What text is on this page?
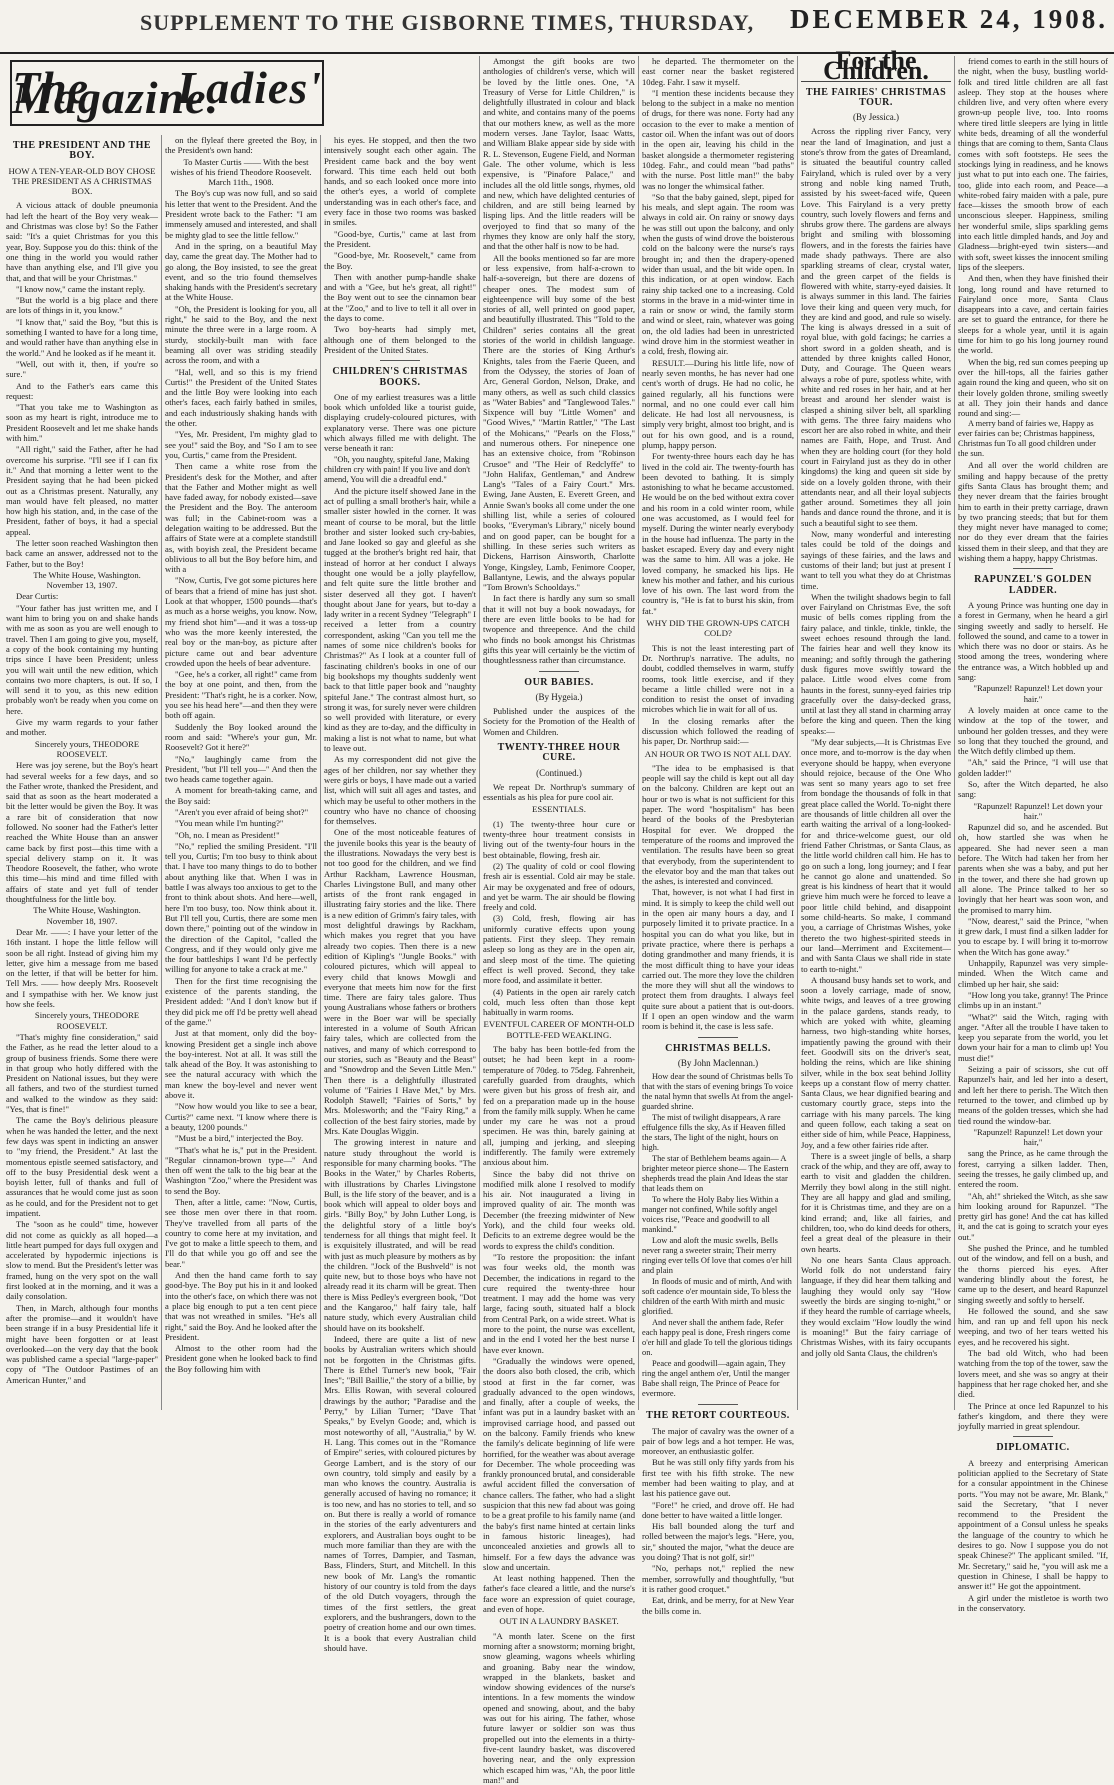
SUPPLEMENT TO THE GISBORNE TIMES, THURSDAY, DECEMBER 24, 1908.
The Ladies' Magazine.
THE PRESIDENT AND THE BOY.
HOW A TEN-YEAR-OLD BOY CHOSE THE PRESIDENT AS A CHRISTMAS BOX.

A vicious attack of double pneumonia had left the heart of the Boy very weak—and Christmas was close by! So the Father said: "It's a quiet Christmas for you this year, Boy. Suppose you do this: think of the one thing in the world you would rather have than anything else, and I'll give you that, and that will be your Christmas."

"I know now," came the instant reply.

"But the world is a big place and there are lots of things in it, you know."

"I know that," said the Boy, "but this is something I wanted to have for a long time, and would rather have than anything else in the world." And he looked as if he meant it.

"Well, out with it, then, if you're so sure."

And to the Father's ears came this request:

"That you take me to Washington as soon as my heart is right, introduce me to President Roosevelt and let me shake hands with him."

"All right," said the Father, after he had overcome his surprise. "I'll see if I can fix it." And that morning a letter went to the President saying that he had been picked out as a Christmas present. Naturally, any man would have felt pleased, no matter how high his station, and, in the case of the President, father of boys, it had a special appeal.

The letter soon reached Washington then back came an answer, addressed not to the Father, but to the Boy!

The White House, Washington. November 13, 1907.

Dear Curtis:

"Your father has just written me, and I want him to bring you on and shake hands with me as soon as you are well enough to travel. Then I am going to give you, myself, a copy of the book containing my hunting trips since I have been President; unless you will wait until the new edition, which contains two more chapters, is out. If so, I will send it to you, as this new edition probably won't be ready when you come on here.

Give my warm regards to your father and mother.

Sincerely yours, THEODORE ROOSEVELT.

Here was joy serene, but the Boy's heart had several weeks for a few days, and so the Father wrote, thanked the President, and said that as soon as the heart moderated a bit the letter would be given the Boy. It was a rare bit of consideration that now followed. No sooner had the Father's letter reached the White House than an answer came back by first post—this time with a special delivery stamp on it. It was Theodore Roosevelt, the father, who wrote this time—his mind and time filled with affairs of state and yet full of tender thoughtfulness for the little boy.

The White House, Washington. November 18, 1907.

Dear Mr. ——: I have your letter of the 16th instant. I hope the little fellow will soon be all right. Instead of giving him my letter, give him a message from me based on the letter, if that will be better for him. Tell Mrs. —— how deeply Mrs. Roosevelt and I sympathise with her. We know just how she feels.

Sincerely yours, THEODORE ROOSEVELT.

"That's mighty fine consideration," said the Father, as he read the letter aloud to a group of business friends. Some there were in that group who hotly differed with the President on National issues, but they were all fathers, and two of the sturdiest turned and walked to the window as they said: "Yes, that is fine!"

The came the Boy's delirious pleasure when he was handed the letter, and the next few days was spent in indicting an answer to "my friend, the President." At last the momentous epistle seemed satisfactory, and off to the busy Presidential desk went a boyish letter, full of thanks and full of assurances that he would come just as soon as he could, and for the President not to get impatient.

The "soon as he could" time, however did not come as quickly as all hoped—a little heart pumped for days full oxygen and accelerated by hypodermic injections is slow to mend. But the President's letter was framed, hung on the very spot on the wall first looked at in the morning, and it was a daily consolation.

Then, in March, although four months after the promise—and it wouldn't have been strange if in a busy Presidential life it might have been forgotten or at least overlooked—on the very day that the book was published came a special "large-paper" copy of "The Outdoor Pastimes of an American Hunter," and

on the flyleaf there greeted the Boy, in the President's own hand:

To Master Curtis —— With the best wishes of his friend Theodore Roosevelt. March 11th., 1908.

The Boy's cup was now full, and so said his letter that went to the President. And the President wrote back to the Father: "I am immensely amused and interested, and shall be mighty glad to see the little fellow."

And in the spring, on a beautiful May day, came the great day. The Mother had to go along, the Boy insisted, to see the great event, and so the trio found themselves shaking hands with the President's secretary at the White House.

"Oh, the President is looking for you, all right," he said to the Boy, and the next minute the three were in a large room. A sturdy, stockily-built man with face beaming all over was striding steadily across the room, and with a

"Hal, well, and so this is my friend Curtis!" the President of the United States and the little Boy were looking into each other's faces, each fairly bathed in smiles, and each industriously shaking hands with the other.

"Yes, Mr. President, I'm mighty glad to see you!" said the Boy, and "So I am to see you, Curtis," came from the President.

Then came a white rose from the President's desk for the Mother, and after that the Father and Mother might as well have faded away, for nobody existed—save the President and the Boy. The anteroom was full; in the Cabinet-room was a delegation waiting to be addressed. But the affairs of State were at a complete standstill as, with boyish zeal, the President became oblivious to all but the Boy before him, and with a

"Now, Curtis, I've got some pictures here of bears that a friend of mine has just shot. Look at that whopper, 1500 pounds—that's as much as a horse weighs, you know. Now, my friend shot him"—and it was a toss-up who was the more keenly interested, the real boy or the man-boy, as picture after picture came out and bear adventure crowded upon the heels of bear adventure.

"Gee, he's a corker, all right!" came from the boy at one point, and then, from the President: "That's right, he is a corker. Now, you see his head here"—and then they were both off again.

Suddenly the Boy looked around the room and said: "Where's your gun, Mr. Roosevelt? Got it here?"

"No," laughingly came from the President, "but I'll tell you—" And then the two heads came together again.

A moment for breath-taking came, and the Boy said:

"Aren't you ever afraid of being shot?"

"You mean while I'm hunting?"

"Oh, no. I mean as President!"

"No," replied the smiling President. "I'll tell you, Curtis; I'm too busy to think about that. I have too many things to do to bother about anything like that. When I was in battle I was always too anxious to get to the front to think about shots. And here—well, here I'm too busy, too. Now think about it. But I'll tell you, Curtis, there are some men down there," pointing out of the window in the direction of the Capitol, "called the Congress, and if they would only give me the four battleships I want I'd be perfectly willing for anyone to take a crack at me."

Then for the first time recognising the existence of the parents standing, the President added: "And I don't know but if they did pick me off I'd be pretty well ahead of the game."

Just at that moment, only did the boy-knowing President get a single inch above the boy-interest. Not at all. It was still the talk ahead of the Boy. It was astonishing to see the natural accuracy with which the man knew the boy-level and never went above it.

"Now how would you like to see a bear, Curtis?" came next. "I know where there is a beauty, 1200 pounds."

"Must be a bird," interjected the Boy.

"That's what he is," put in the President. "Regular cinnamon-brown type—" And then off went the talk to the big bear at the Washington "Zoo," where the President was to send the Boy.

Then, after a little, came: "Now, Curtis, see those men over there in that room. They've travelled from all parts of the country to come here at my invitation, and I've got to make a little speech to them, and I'll do that while you go off and see the bear."

And then the hand came forth to say good-bye. The Boy put his in it and looked into the other's face, on which there was not a place big enough to put a ten cent piece that was not wreathed in smiles. "He's all right," said the Boy. And he looked after the President.

Almost to the other room had the President gone when he looked back to find the Boy following him with

his eyes. He stopped, and then the two intensively sought each other again. The President came back and the boy went forward. This time each held out both hands, and so each looked once more into the other's eyes, a world of complete understanding was in each other's face, and every face in those two rooms was basked in smiles.

"Good-bye, Curtis," came at last from the President.

"Good-bye, Mr. Roosevelt," came from the Boy.

Then with another pump-handle shake and with a "Gee, but he's great, all right!" the Boy went out to see the cinnamon bear at the "Zoo," and to live to tell it all over in the days to come.

Two boy-hearts had simply met, although one of them belonged to the President of the United States.

CHILDREN'S CHRISTMAS BOOKS.

One of my earliest treasures was a little book which unfolded like a tourist guide, displaying crudely-coloured pictures, with explanatory verse. There was one picture which always filled me with delight. The verse beneath it ran:

"Oh, you naughty, spiteful Jane, Making children cry with pain! If you live and don't amend, You will die a dreadful end."

And the picture itself showed Jane in the act of pulling a small brother's hair, while a smaller sister howled in the corner. It was meant of course to be moral, but the little brother and sister looked such cry-babies, and Jane looked so gay and gleeful as she tugged at the brother's bright red hair, that instead of horror at her conduct I always thought one would be a jolly playfellow, and felt quite sure the little brother and sister deserved all they got. I haven't thought about Jane for years, but to-day a lady writer in a recent Sydney "Telegraph" I received a letter from a country correspondent, asking "Can you tell me the names of some nice children's books for Christmas?" As I look at a counter full of fascinating children's books in one of our big bookshops my thoughts suddenly went back to that little paper book and "naughty spiteful Jane." The contrast almost hurt, so strong it was, for surely never were children so well provided with literature, or every kind as they are to-day, and the difficulty in making a list is not what to name, but what to leave out.

As my correspondent did not give the ages of her children, nor say whether they were girls or boys, I have made out a varied list, which will suit all ages and tastes, and which may be useful to other mothers in the country who have no chance of choosing for themselves.

One of the most noticeable features of the juvenile books this year is the beauty of the illustrations. Nowadays the very best is not too good for the children, and we find Arthur Rackham, Lawrence Housman, Charles Livingstone Bull, and many other artists of the front rank engaged in illustrating fairy stories and the like. There is a new edition of Grimm's fairy tales, with most delightful drawings by Rackham, which makes you regret that you have already two copies. Then there is a new edition of Kipling's "Jungle Books." with coloured pictures, which will appeal to every child that knows Mowgli and everyone that meets him now for the first time. There are fairy tales galore. Thus young Australians whose fathers or brothers were in the Boer war will be specially interested in a volume of South African fairy tales, which are collected from the natives, and many of which correspond to our stories, such as "Beauty and the Beast" and "Snowdrop and the Seven Little Men." Then there is a delightfully illustrated volume of "Fairies I Have Met," by Mrs. Rodolph Stawell; "Fairies of Sorts," by Mrs. Molesworth; and the "Fairy Ring," a collection of the best fairy stories, made by Mrs. Kate Douglas Wiggin.

The growing interest in nature and nature study throughout the world is responsible for many charming books. "The Books in the Water," by Charles Roberts, with illustrations by Charles Livingstone Bull, is the life story of the beaver, and is a book which will appeal to older boys and girls. "Billy Boy," by John Luther Long, is the delightful story of a little boy's tenderness for all things that might feel. It is exquisitely illustrated, and will be read with just as much pleasure by mothers as by the children. "Jock of the Bushveld" is not quite new, but to those boys who have not already read it its charm will be great. Then there is Miss Pedley's evergreen book, "Dot and the Kangaroo," half fairy tale, half nature study, which every Australian child should have on its bookshelf.

Indeed, there are quite a list of new books by Australian writers which should not be forgotten in the Christmas gifts. There is Ethel Turner's new book, "Fair Ines"; "Bill Baillie," the story of a billie, by Mrs. Ellis Rowan, with several coloured drawings by the author; "Paradise and the Perry," by Lilian Turner; "Dave That Speaks," by Evelyn Goode; and, which is most noteworthy of all, "Australia," by W. H. Lang. This comes out in the "Romance of Empire" series, with coloured pictures by George Lambert, and is the story of our own country, told simply and easily by a man who knows the country. Australia is generally accused of having no romance; it is too new, and has no stories to tell, and so on. But there is really a world of romance in the stories of the early adventurers and explorers, and Australian boys ought to be much more familiar than they are with the names of Torres, Dampier, and Tasman, Bass, Flinders, Sturt, and Mitchell. In this new book of Mr. Lang's the romantic history of our country is told from the days of the old Dutch voyagers, through the times of the first settlers, the great explorers, and the bushrangers, down to the poetry of creation home and our own times. It is a book that every Australian child should have.

Amongst the gift books are two anthologies of children's verse, which will be loved by the little ones. One, "A Treasury of Verse for Little Children," is delightfully illustrated in colour and black and white, and contains many of the poems that our mothers knew, as well as the more modern verses. Jane Taylor, Isaac Watts, and William Blake appear side by side with R. L. Stevenson, Eugene Field, and Norman Gale. The other volume, which is less expensive, is "Pinafore Palace," and includes all the old little songs, rhymes, old and new, which have delighted centuries of children, and are still being learned by lisping lips. And the little readers will be overjoyed to find that so many of the rhymes they know are only half the story, and that the other half is now to be had.

All the books mentioned so far are more or less expensive, from half-a-crown to half-a-sovereign, but there are dozens of cheaper ones. The modest sum of eighteenpence will buy some of the best stories of all, well printed on good paper, and beautifully illustrated. This "Told to the Children" series contains all the great stories of the world in childish language. There are the stories of King Arthur's Knights, tales from the Faerie Queen, and from the Odyssey, the stories of Joan of Arc, General Gordon, Nelson, Drake, and many others, as well as such child classics as "Water Babies" and "Tanglewood Tales." Sixpence will buy "Little Women" and "Good Wives," "Martin Rattler," "The Last of the Mohicans," "Pearls on the Floss," and numerous others. For ninepence one has an extensive choice, from "Robinson Crusoe" and "The Heir of Redclyffe" to "John Halifax, Gentleman," and Andrew Lang's "Tales of a Fairy Court." Mrs. Ewing, Jane Austen, E. Everett Green, and Annie Swan's books all come under the one shilling list, while a series of coloured books, "Everyman's Library," nicely bound and on good paper, can be bought for a shilling. In these series such writers as Dickens, Harrison Ainsworth, Charlotte Yonge, Kingsley, Lamb, Fenimore Cooper, Ballantyne, Lewis, and the always popular "Tom Brown's Schooldays."

In fact there is hardly any sum so small that it will not buy a book nowadays, for there are even little books to be had for twopence and threepence. And the child who finds no book amongst his Christmas gifts this year will certainly be the victim of thoughtlessness rather than circumstance.

OUR BABIES.
(By Hygeia.)

Published under the auspices of the Society for the Promotion of the Health of Women and Children.

TWENTY-THREE HOUR CURE.
(Continued.)

We repeat Dr. Northrup's summary of essentials as his plea for pure cool air.

ESSENTIALS.

(1) The twenty-three hour cure or twenty-three hour treatment consists in living out of the twenty-four hours in the best obtainable, flowing, fresh air.

(2) The quality of cold or cool flowing fresh air is essential. Cold air may be stale. Air may be oxygenated and free of odours, and yet be warm. The air should be flowing freely and cold.

(3) Cold, fresh, flowing air has uniformly curative effects upon young patients. First they sleep. They remain asleep so long as they are in the open air, and sleep most of the time. The quieting effect is well proved. Second, they take more food, and assimilate it better.

(4) Patients in the open air rarely catch cold, much less often than those kept habitually in warm rooms.

EVENTFUL CAREER OF MONTH-OLD BOTTLE-FED WEAKLING.

The baby has been bottle-fed from the outset; he had been kept in a room-temperature of 70deg. to 75deg. Fahrenheit, carefully guarded from draughts, which were given but his gross of fresh air, and fed on a preparation made up in the house from the family milk supply. When he came under my care he was not a proud specimen. He was thin, barely gaining at all, jumping and jerking, and sleeping indifferently. The family were extremely anxious about him.

Since the baby did not thrive on modified milk alone I resolved to modify his air. Not inaugurated a living in improved quality of air. The month was December (the freezing midwinter of New York), and the child four weeks old. Deficits to an extreme degree would be the words to express the child's condition.

"To restore the proposition: the infant was four weeks old, the month was December, the indications in regard to the cure required the twenty-three hour treatment. I may add the home was very large, facing south, situated half a block from Central Park, on a wide street. What is more to the point, the nurse was excellent, and in the end I voted her the best nurse I have ever known.

"Gradually the windows were opened, the doors also both closed, the crib, which stood at first in the far corner, was gradually advanced to the open windows, and finally, after a couple of weeks, the infant was put in a laundry basket with an improvised carriage hood, and passed out on the balcony. Family friends who knew the family's delicate beginning of life were horrified, for the weather was about average for December. The whole proceeding was frankly pronounced brutal, and considerable awful accident filled the conversation of chance callers. The father, who had a slight suspicion that this new fad about was going to be a great profile to his family name (and the baby's first name hinted at certain links in famous historic lineages), had unconcealed anxieties and growls all to himself. For a few days the advance was slow and uncertain.

At least nothing happened. Then the father's face cleared a little, and the nurse's face wore an expression of quiet courage, and even of hope.

OUT IN A LAUNDRY BASKET.

"A month later. Scene on the first morning after a snowstorm; morning bright, snow gleaming, wagons wheels whirling and groaning. Baby near the window, wrapped in the blankets, basket and window showing evidences of the nurse's intentions. In a few moments the window opened and snowing, about, and the baby was out for his airing. The father, whose future lawyer or soldier son was thus propelled out into the elements in a thirty-five-cent laundry basket, was discovered hovering near, and the only expression which escaped him was, "Ah, the poor little man!" and

he departed. The thermometer on the east corner near the basket registered 10deg. Fahr. I saw it myself.

"I mention these incidents because they belong to the subject in a make no mention of drugs, for there was none. Forty had any occasion to the ever to make a mention of castor oil. When the infant was out of doors in the open air, leaving his child in the basket alongside a thermometer registering 10deg. Fahr., and could mean "bad paths" with the nurse. Post little man!" the baby was no longer the whimsical father.

"So that the baby gained, slept, piped for his meals, and slept again. The room was always in cold air. On rainy or snowy days he was still out upon the balcony, and only when the gusts of wind drove the boisterous cold on the balcony were the nurse's rays brought in; and then the drapery-opened wider than usual, and the bit wide open. In this indication, or at open window. Each rainy ship tacked one to a increasing. Cold storms in the brave in a mid-winter time in a rain or snow or wind, the family storm and wind or sleet, rain, whatever was going on, the old ladies had been in unrestricted wind drove him in the stormiest weather in a cold, fresh, flowing air.

RESULT.—During his little life, now of nearly seven months, he has never had one cent's worth of drugs. He had no colic, he gained regularly, all his functions were normal, and no one could ever call him delicate. He had lost all nervousness, is simply very bright, almost too bright, and is out for his own good, and is a round, plump, happy person.

For twenty-three hours each day he has lived in the cold air. The twenty-fourth has been devoted to bathing. It is simply astonishing to what he became accustomed. He would be on the bed without extra cover and his room in a cold winter room, while one was accustomed, as I would feel for myself. During the winter nearly everybody in the house had influenza. The party in the basket escaped. Every day and every night was the same to him. All was a joke. He loved company, he smacked his lips. He knew his mother and father, and his curious love of his own. The last word from the country is, "He is fat to burst his skin, from fat."

WHY DID THE GROWN-UPS CATCH COLD?

This is not the least interesting part of Dr. Northrup's narrative. The adults, no doubt, coddled themselves in warm, stuffy rooms, took little exercise, and if they became a little chilled were not in a condition to resist the onset of invading microbes which lie in wait for all of us.

In the closing remarks after the discussion which followed the reading of his paper, Dr. Northrup said:—

AN HOUR OR TWO IS NOT ALL DAY.

"The idea to be emphasised is that people will say the child is kept out all day on the balcony. Children are kept out an hour or two is what is not sufficient for this paper. The word "hospitalism" has been heard of the books of the Presbyterian Hospital for ever. We dropped the temperature of the rooms and improved the ventilation. The results have been so great that everybody, from the superintendent to the elevator boy and the man that takes out the ashes, is interested and convinced.

That, however, is not what I had first in mind. It is simply to keep the child well out in the open air many hours a day, and I purposely limited it to private practice. In a hospital you can do what you like, but in private practice, where there is perhaps a doting grandmother and many friends, it is the most difficult thing to have your ideas carried out. The more they love the children the more they will shut all the windows to protect them from draughts. I always feel quite sure about a patient that is out-doors. If I open an open window and the warm room is behind it, the case is less safe.

CHRISTMAS BELLS.
(By John Maclennan.)

How dear the sound of Christmas bells To that with the stars of evening brings To voice the natal hymn that swells At from the angel-guarded shrine.

The mist of twilight disappears, A rare effulgence fills the sky, As if Heaven filled the stars, The light of the night, hours on high.

The star of Bethlehem beams again— A brighter meteor pierce shone— The Eastern shepherds tread the plain And Ideas the star that leads them on

To where the Holy Baby lies Within a manger not confined, While softly angel voices rise, "Peace and goodwill to all mankind."

Low and aloft the music swells, Bells never rang a sweeter strain; Their merry ringing ever tells Of love that comes o'er hill and plain

In floods of music and of mirth, And with soft cadence o'er mountain side, To bless the children of the earth With mirth and music glorified.

And never shall the anthem fade, Refer each happy peal is done, Fresh ringers come o'er hill and glade To tell the glorious tidings on.

Peace and goodwill—again again, They ring the angel anthem o'er, Until the manger Babe shall reign, The Prince of Peace for evermore.

THE RETORT COURTEOUS.

The major of cavalry was the owner of a pair of bow legs and a hot temper. He was, moreover, an enthusiastic golfer.

But he was still only fifty yards from his first tee with his fifth stroke. The new member had been waiting to play, and at last his patience gave out.

"Fore!" he cried, and drove off. He had done better to have waited a little longer.

His ball bounded along the turf and rolled between the major's legs. "Here, you, sir," shouted the major, "what the deuce are you doing? That is not golf, sir!"

"No, perhaps not," replied the new member, sorrowfully and thoughtfully, "but it is rather good croquet."

Eat, drink, and be merry, for at New Year the bills come in.

For the Children.
THE FAIRIES' CHRISTMAS TOUR.
(By Jessica.)

Across the rippling river Fancy, very near the land of Imagination, and just a stone's throw from the gates of Dreamland, is situated the beautiful country called Fairyland, which is ruled over by a very strong and noble king named Truth, assisted by his sweet-faced wife, Queen Love. This Fairyland is a very pretty country, such lovely flowers and ferns and shrubs grow there. The gardens are always bright and smiling with blossoming flowers, and in the forests the fairies have made shady pathways. There are also sparkling streams of clear, crystal water, and the green carpet of the fields is flowered with white, starry-eyed daisies. It is always summer in this land. The fairies love their king and queen very much, for they are kind and good, and rule so wisely. The king is always dressed in a suit of royal blue, with gold facings; he carries a short sword in a golden sheath, and is attended by three knights called Honor, Duty, and Courage. The Queen wears always a robe of pure, spotless white, with white and red roses in her hair, and at her breast and around her slender waist is clasped a shining silver belt, all sparkling with gems. The three fairy maidens who escort her are also robed in white, and their names are Faith, Hope, and Trust. And when they are holding court (for they hold court in Fairyland just as they do in other kingdoms) the king and queen sit side by side on a lovely golden throne, with their attendants near, and all their loyal subjects gather around. Sometimes they all join hands and dance round the throne, and it is such a beautiful sight to see them.

Now, many wonderful and interesting tales could be told of the doings and sayings of these fairies, and the laws and customs of their land; but just at present I want to tell you what they do at Christmas time.

When the twilight shadows begin to fall over Fairyland on Christmas Eve, the soft music of bells comes rippling from the fairy palace, and tinkle, tinkle, tinkle, the sweet echoes resound through the land. The fairies hear and well they know its meaning; and softly through the gathering dusk figures move swiftly toward the palace. Little wood elves come from haunts in the forest, sunny-eyed fairies trip gracefully over the daisy-decked grass, until at last they all stand in charming array before the king and queen. Then the king speaks:—

"My dear subjects,—It is Christmas Eve once more, and to-morrow is the day when everyone should be happy, when everyone should rejoice, because of the One Who was sent so many years ago to set free from bondage the thousands of folk in that great place called the World. To-night there are thousands of little children all over the earth waiting the arrival of a long-looked-for and thrice-welcome guest, our old friend Father Christmas, or Santa Claus, as the little world children call him. He has to go on such a long, long journey; and I fear he cannot go alone and unattended. So great is his kindness of heart that it would grieve him much were he forced to leave a poor little child behind, and disappoint some child-hearts. So make, I command you, a carriage of Christmas Wishes, yoke thereto the two highest-spirited steeds in our land—Merriment and Excitement—and with Santa Claus we shall ride in state to earth to-night."

A thousand busy hands set to work, and soon a lovely carriage, made of snow, white twigs, and leaves of a tree growing in the palace gardens, stands ready, to which are yoked with white, gleaming harness, two high-standing white horses, impatiently pawing the ground with their feet. Goodwill sits on the driver's seat, holding the reins, which are like shining silver, while in the box seat behind Jollity keeps up a constant flow of merry chatter. Santa Claus, we hear dignified bearing and customary courtly grace, steps into the carriage with his many parcels. The king and queen follow, each taking a seat on either side of him, while Peace, Happiness, Joy, and a few other fairies ride after.

There is a sweet jingle of bells, a sharp crack of the whip, and they are off, away to earth to visit and gladden the children. Merrily they bowl along in the still night. They are all happy and glad and smiling, for it is Christmas time, and they are on a kind errand; and, like all fairies, and children, too, who do kind deeds for others, feel a great deal of the pleasure in their own hearts.

No one hears Santa Claus approach. World folk do not understand fairy language, if they did hear them talking and laughing they would only say "How sweetly the birds are singing to-night," or if they heard the rumble of carriage wheels, they would exclaim "How loudly the wind is moaning!" But the fairy carriage of Christmas Wishes, with its fairy occupants and jolly old Santa Claus, the children's

friend comes to earth in the still hours of the night, when the busy, bustling world-folk and tired little children are all fast asleep. They stop at the houses where children live, and very often where every grown-up people live, too. Into rooms where tired little sleepers are lying in little white beds, dreaming of all the wonderful things that are coming to them, Santa Claus comes with soft footsteps. He sees the stockings lying in readiness, and he knows just what to put into each one. The fairies, too, glide into each room, and Peace—a white-robed fairy maiden with a pale, pure face—kisses the smooth brow of each unconscious sleeper. Happiness, smiling her wonderful smile, slips sparkling gems into each little dimpled hands, and Joy and Gladness—bright-eyed twin sisters—and with soft, sweet kisses the innocent smiling lips of the sleepers.

And then, when they have finished their long, long round and have returned to Fairyland once more, Santa Claus disappears into a cave, and certain fairies are set to guard the entrance, for there he sleeps for a whole year, until it is again time for him to go his long journey round the world.

When the big, red sun comes peeping up over the hill-tops, all the fairies gather again round the king and queen, who sit on their lovely golden throne, smiling sweetly at all. They join their hands and dance round and sing:—

A merry band of fairies we, Happy as ever fairies can be; Christmas happiness, Christmas fun To all good children under the sun.

And all over the world children are smiling and happy because of the pretty gifts Santa Claus has brought them; and they never dream that the fairies brought him to earth in their pretty carriage, drawn by two prancing steeds; that but for them they might never have managed to come; nor do they ever dream that the fairies kissed them in their sleep, and that they are wishing them a happy, happy Christmas.

RAPUNZEL'S GOLDEN LADDER.

A young Prince was hunting one day in a forest in Germany, when he heard a girl singing sweetly and sadly to herself. He followed the sound, and came to a tower in which there was no door or stairs. As he stood among the trees, wondering where the entrance was, a Witch hobbled up and sang:

"Rapunzel! Rapunzel! Let down your hair."

A lovely maiden at once came to the window at the top of the tower, and unbound her golden tresses, and they were so long that they touched the ground, and the Witch deftly climbed up them.

"Ah," said the Prince, "I will use that golden ladder!"

So, after the Witch departed, he also sang:

"Rapunzel! Rapunzel! Let down your hair."

Rapunzel did so, and he ascended. But oh, how startled she was when he appeared. She had never seen a man before. The Witch had taken her from her parents when she was a baby, and put her in the tower, and there she had grown up all alone. The Prince talked to her so lovingly that her heart was soon won, and the promised to marry him.

"Now, dearest," said the Prince, "when it grew dark, I must find a silken ladder for you to escape by. I will bring it to-morrow when the Witch has gone away."

Unhappily, Rapunzel was very simple-minded. When the Witch came and climbed up her hair, she said:

"How long you take, granny! The Prince climbs up in an instant."

"What?" said the Witch, raging with anger. "After all the trouble I have taken to keep you separate from the world, you let down your hair for a man to climb up! You must die!"

Seizing a pair of scissors, she cut off Rapunzel's hair, and led her into a desert, and left her there to perish. The Witch then returned to the tower, and climbed up by means of the golden tresses, which she had tied round the window-bar.

"Rapunzel! Rapunzel! Let down your hair,"

sang the Prince, as he came through the forest, carrying a silken ladder. Then, seeing the tresses, he gaily climbed up, and entered the room.

"Ah, ah!" shrieked the Witch, as she saw him looking around for Rapunzel. "The pretty girl has gone! And the cat has killed it, and the cat is going to scratch your eyes out."

She pushed the Prince, and he tumbled out of the window, and fell on a bush, and the thorns pierced his eyes. After wandering blindly about the forest, he came up to the desert, and heard Rapunzel singing sweetly and softly to herself.

He followed the sound, and she saw him, and ran up and fell upon his neck weeping, and two of her tears wetted his eyes, and he recovered his sight.

The bad old Witch, who had been watching from the top of the tower, saw the lovers meet, and she was so angry at their happiness that her rage choked her, and she died.

The Prince at once led Rapunzel to his father's kingdom, and there they were joyfully married in great splendour.

DIPLOMATIC.

A breezy and enterprising American politician applied to the Secretary of State for a consular appointment in the Chinese ports. "You may not be aware, Mr. Blank," said the Secretary, "that I never recommend to the President the appointment of a Consul unless he speaks the language of the country to which he desires to go. Now I suppose you do not speak Chinese?" The applicant smiled. "If, Mr. Secretary," said he, "you will ask me a question in Chinese, I shall be happy to answer it!" He got the appointment.

A girl under the mistletoe is worth two in the conservatory.
